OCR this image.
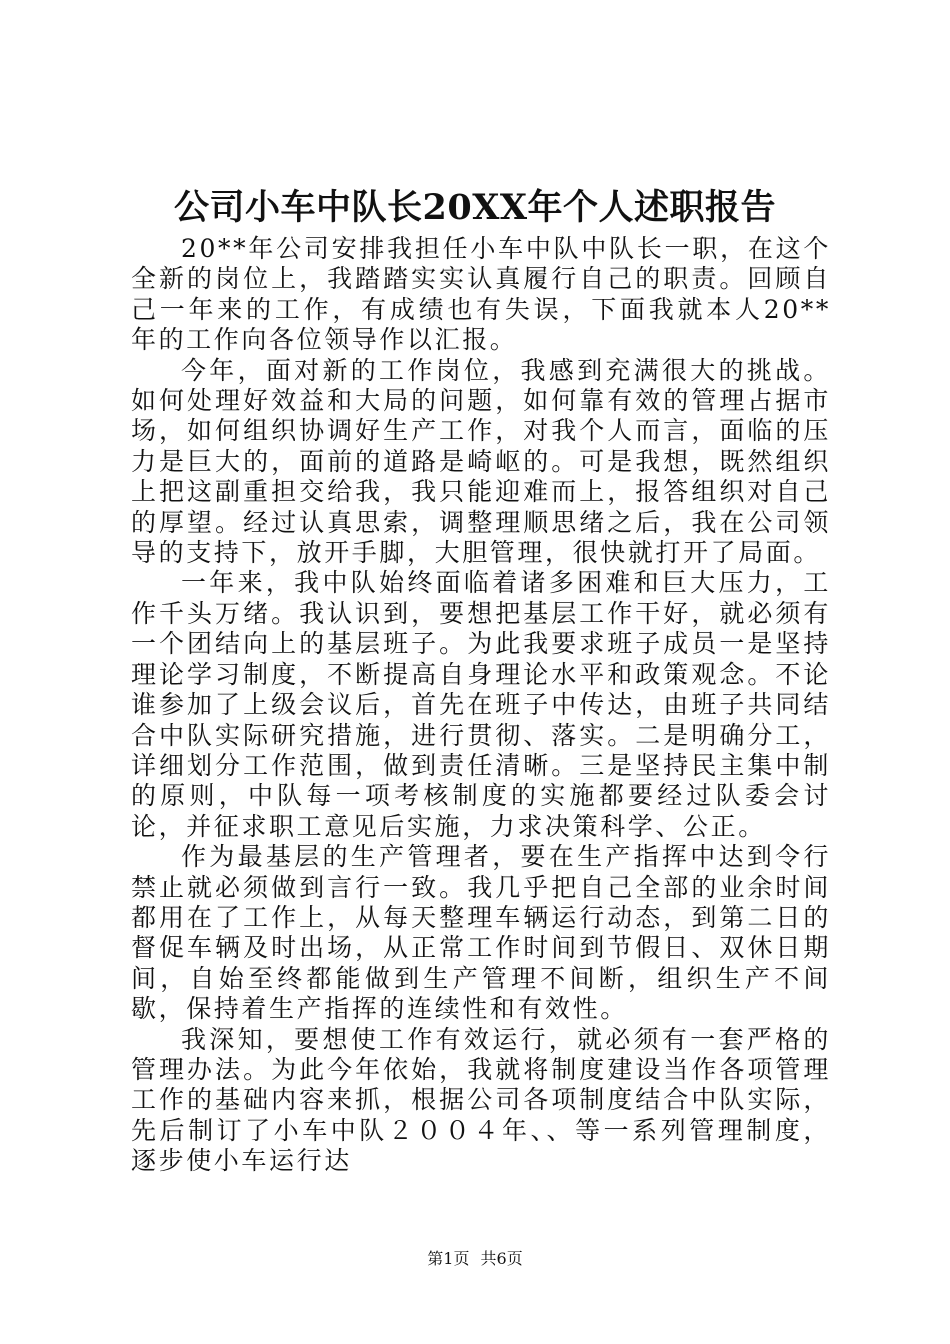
公司小车中队长20XX年个人述职报告

20**年公司安排我担任小车中队中队长一职，在这个全新的岗位上，我踏踏实实认真履行自己的职责。回顾自己一年来的工作，有成绩也有失误，下面我就本人20**年的工作向各位领导作以汇报。

今年，面对新的工作岗位，我感到充满很大的挑战。如何处理好效益和大局的问题，如何靠有效的管理占据市场，如何组织协调好生产工作，对我个人而言，面临的压力是巨大的，面前的道路是崎岖的。可是我想，既然组织上把这副重担交给我，我只能迎难而上，报答组织对自己的厚望。经过认真思索，调整理顺思绪之后，我在公司领导的支持下，放开手脚，大胆管理，很快就打开了局面。

一年来，我中队始终面临着诸多困难和巨大压力，工作千头万绪。我认识到，要想把基层工作干好，就必须有一个团结向上的基层班子。为此我要求班子成员一是坚持理论学习制度，不断提高自身理论水平和政策观念。不论谁参加了上级会议后，首先在班子中传达，由班子共同结合中队实际研究措施，进行贯彻、落实。二是明确分工，详细划分工作范围，做到责任清晰。三是坚持民主集中制的原则，中队每一项考核制度的实施都要经过队委会讨论，并征求职工意见后实施，力求决策科学、公正。

作为最基层的生产管理者，要在生产指挥中达到令行禁止就必须做到言行一致。我几乎把自己全部的业余时间都用在了工作上，从每天整理车辆运行动态，到第二日的督促车辆及时出场，从正常工作时间到节假日、双休日期间，自始至终都能做到生产管理不间断，组织生产不间歇，保持着生产指挥的连续性和有效性。

我深知，要想使工作有效运行，就必须有一套严格的管理办法。为此今年依始，我就将制度建设当作各项管理工作的基础内容来抓，根据公司各项制度结合中队实际，先后制订了小车中队２００４年、、等一系列管理制度，逐步使小车运行达

第1页 共6页
